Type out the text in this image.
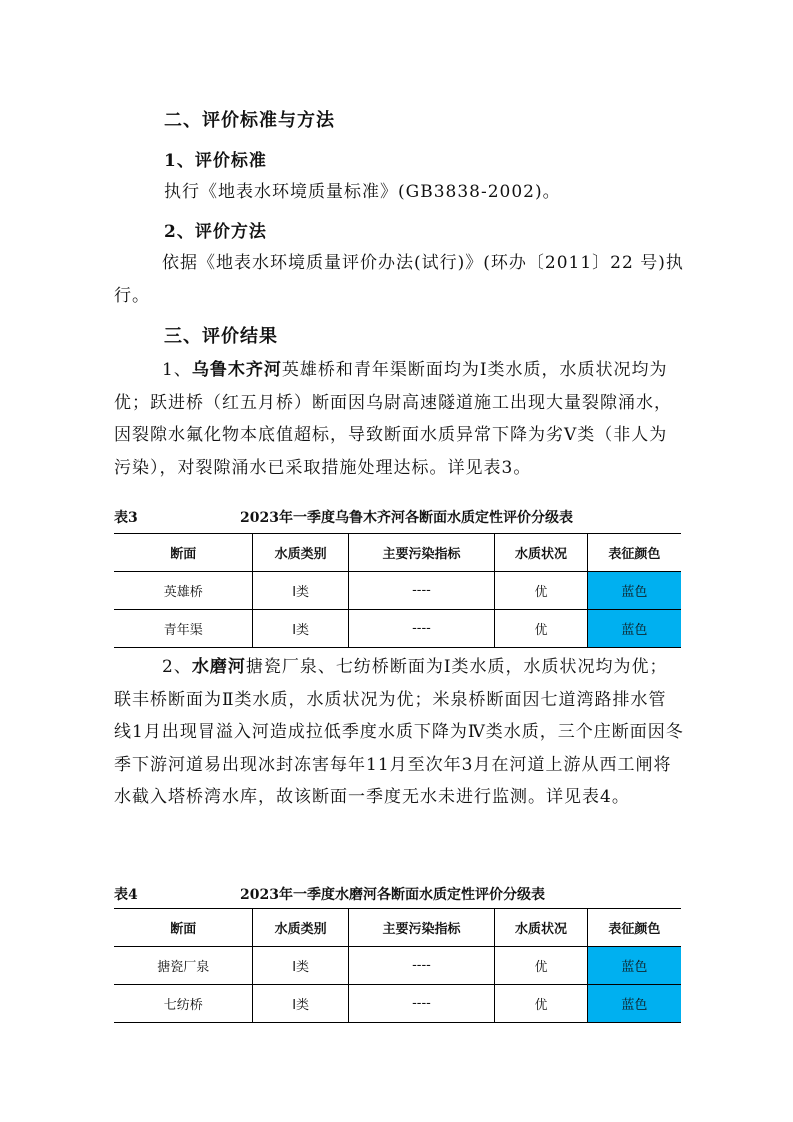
二、评价标准与方法
1、评价标准
执行《地表水环境质量标准》(GB3838-2002)。
2、评价方法
依据《地表水环境质量评价办法(试行)》(环办〔2011〕22 号)执行。
三、评价结果
1、乌鲁木齐河英雄桥和青年渠断面均为Ⅰ类水质，水质状况均为优；跃进桥（红五月桥）断面因乌尉高速隧道施工出现大量裂隙涌水，因裂隙水氟化物本底值超标，导致断面水质异常下降为劣Ⅴ类（非人为污染），对裂隙涌水已采取措施处理达标。详见表3。
表3	2023年一季度乌鲁木齐河各断面水质定性评价分级表
断面	水质类别	主要污染指标	水质状况	表征颜色
英雄桥	Ⅰ类	----	优	蓝色
青年渠	Ⅰ类	----	优	蓝色
2、水磨河搪瓷厂泉、七纺桥断面为Ⅰ类水质，水质状况均为优；联丰桥断面为Ⅱ类水质，水质状况为优；米泉桥断面因七道湾路排水管线1月出现冒溢入河造成拉低季度水质下降为Ⅳ类水质，三个庄断面因冬季下游河道易出现冰封冻害每年11月至次年3月在河道上游从西工闸将水截入塔桥湾水库，故该断面一季度无水未进行监测。详见表4。
表4	2023年一季度水磨河各断面水质定性评价分级表
断面	水质类别	主要污染指标	水质状况	表征颜色
搪瓷厂泉	Ⅰ类	----	优	蓝色
七纺桥	Ⅰ类	----	优	蓝色
